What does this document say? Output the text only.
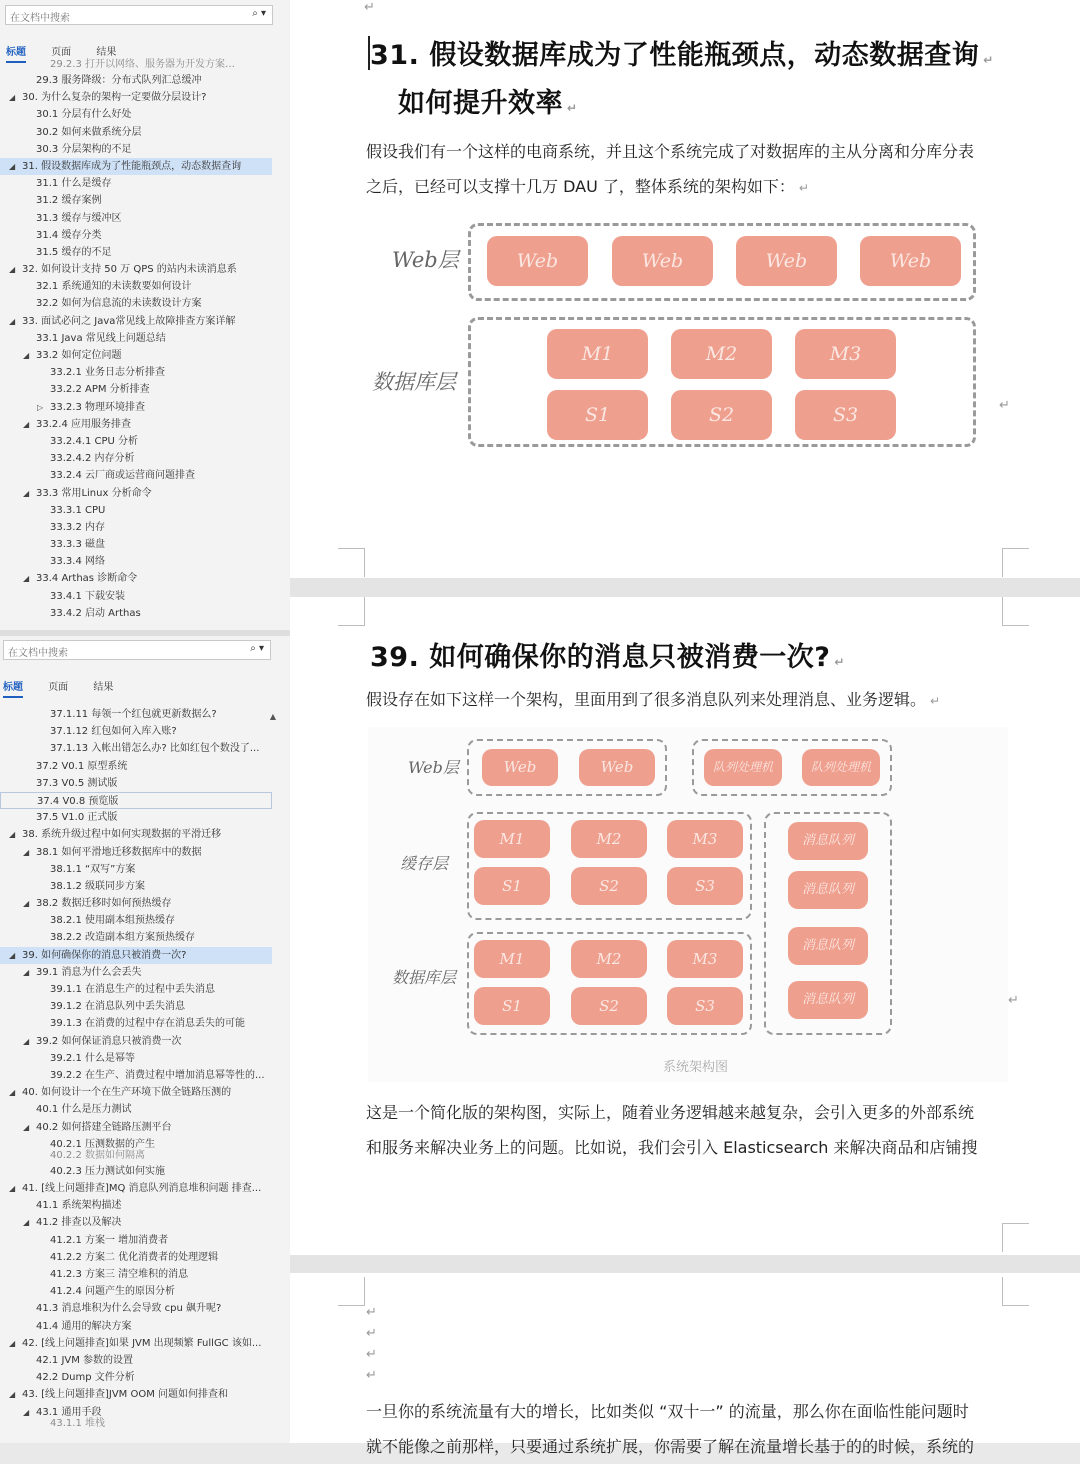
在文档中搜索	⌕ ▾
标题	页面	结果
29.2.3 打开以网络、服务器为开发方案…
29.3 服务降级：分布式队列汇总缓冲
◢ 30. 为什么复杂的架构一定要做分层设计?
30.1 分层有什么好处
30.2 如何来做系统分层
30.3 分层架构的不足
◢ 31. 假设数据库成为了性能瓶颈点，动态数据查询
31.1 什么是缓存
31.2 缓存案例
31.3 缓存与缓冲区
31.4 缓存分类
31.5 缓存的不足
◢ 32. 如何设计支持 50 万 QPS 的站内未读消息系
32.1 系统通知的未读数要如何设计
32.2 如何为信息流的未读数设计方案
◢ 33. 面试必问之 Java常见线上故障排查方案详解
33.1 Java 常见线上问题总结
◢ 33.2 如何定位问题
33.2.1 业务日志分析排查
33.2.2 APM 分析排查
▷ 33.2.3 物理环境排查
◢ 33.2.4 应用服务排查
33.2.4.1 CPU 分析
33.2.4.2 内存分析
33.2.4 云厂商或运营商问题排查
◢ 33.3 常用Linux 分析命令
33.3.1 CPU
33.3.2 内存
33.3.3 磁盘
33.3.4 网络
◢ 33.4 Arthas 诊断命令
33.4.1 下载安装
33.4.2 启动 Arthas
在文档中搜索	⌕ ▾
标题	页面	结果
▲
37.1.11 每领一个红包就更新数据么?
37.1.12 红包如何入库入账?
37.1.13 入帐出错怎么办? 比如红包个数没了...
37.2 V0.1 原型系统
37.3 V0.5 测试版
37.4 V0.8 预览版
37.5 V1.0 正式版
◢ 38. 系统升级过程中如何实现数据的平滑迁移
◢ 38.1 如何平滑地迁移数据库中的数据
38.1.1 “双写”方案
38.1.2 级联同步方案
◢ 38.2 数据迁移时如何预热缓存
38.2.1 使用副本组预热缓存
38.2.2 改造副本组方案预热缓存
◢ 39. 如何确保你的消息只被消费一次?
◢ 39.1 消息为什么会丢失
39.1.1 在消息生产的过程中丢失消息
39.1.2 在消息队列中丢失消息
39.1.3 在消费的过程中存在消息丢失的可能
◢ 39.2 如何保证消息只被消费一次
39.2.1 什么是幂等
39.2.2 在生产、消费过程中增加消息幂等性的...
◢ 40. 如何设计一个在生产环境下做全链路压测的
40.1 什么是压力测试
◢ 40.2 如何搭建全链路压测平台
40.2.1 压测数据的产生
40.2.2 数据如何隔离
40.2.3 压力测试如何实施
◢ 41. [线上问题排查]MQ 消息队列消息堆积问题 排查...
41.1 系统架构描述
◢ 41.2 排查以及解决
41.2.1 方案一 增加消费者
41.2.2 方案二 优化消费者的处理逻辑
41.2.3 方案三 清空堆积的消息
41.2.4 问题产生的原因分析
41.3 消息堆积为什么会导致 cpu 飙升呢?
41.4 通用的解决方案
◢ 42. [线上问题排查]如果 JVM 出现频繁 FullGC 该如...
42.1 JVM 参数的设置
42.2 Dump 文件分析
◢ 43. [线上问题排查]JVM OOM 问题如何排查和
◢ 43.1 通用手段
43.1.1 堆栈
↵
31. 假设数据库成为了性能瓶颈点，动态数据查询 ↵
如何提升效率 ↵
假设我们有一个这样的电商系统，并且这个系统完成了对数据库的主从分离和分库分表
之后，已经可以支撑十几万 DAU 了，整体系统的架构如下： ↵
Web层
数据库层
Web	Web	Web	Web
M1	M2	M3
S1	S2	S3	↵
39. 如何确保你的消息只被消费一次? ↵
假设存在如下这样一个架构，里面用到了很多消息队列来处理消息、业务逻辑。 ↵
Web层
缓存层
数据库层
Web	Web	队列处理机	队列处理机
M1	M2	M3
S1	S2	S3
M1	M2	M3
S1	S2	S3
消息队列
消息队列
消息队列
消息队列
系统架构图
↵
这是一个简化版的架构图，实际上，随着业务逻辑越来越复杂，会引入更多的外部系统
和服务来解决业务上的问题。比如说，我们会引入 Elasticsearch 来解决商品和店铺搜
↵
↵
↵
↵
一旦你的系统流量有大的增长，比如类似 “双十一” 的流量，那么你在面临性能问题时
就不能像之前那样，只要通过系统扩展，你需要了解在流量增长基于的的时候，系统的
